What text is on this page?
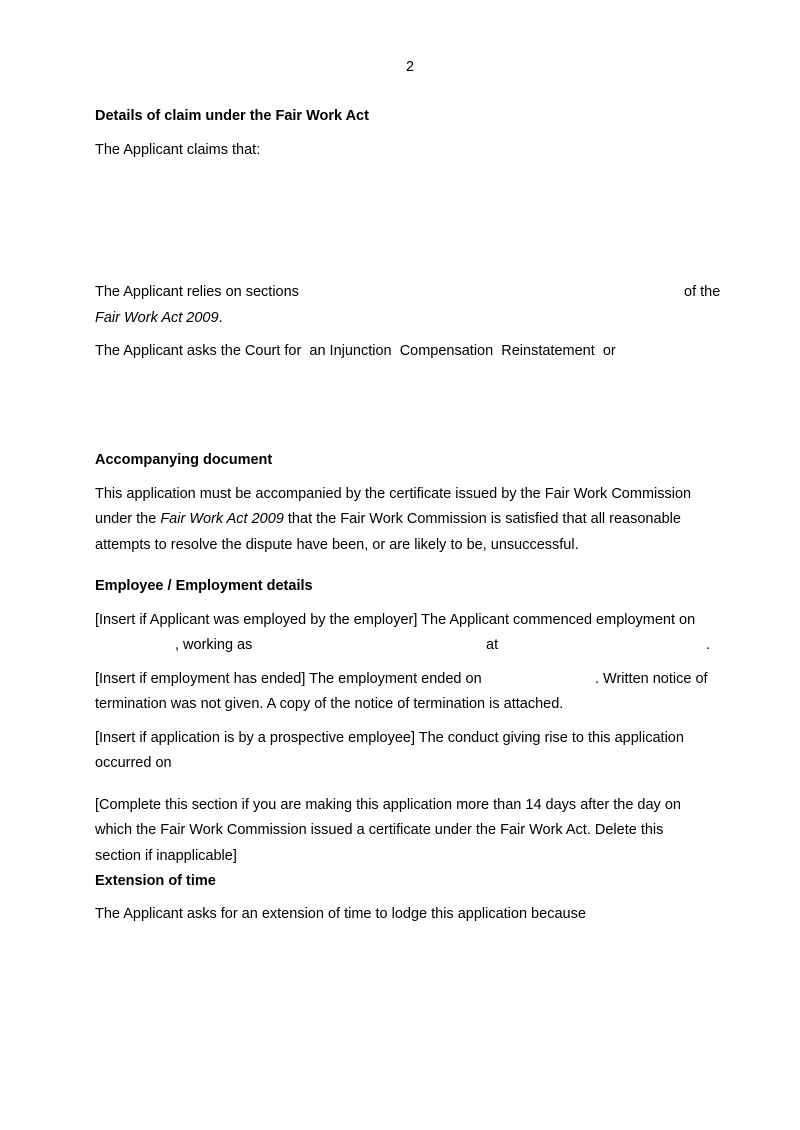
2
Details of claim under the Fair Work Act
The Applicant claims that:
The Applicant relies on sections	of the
Fair Work Act 2009.
The Applicant asks the Court for an Injunction Compensation Reinstatement or
Accompanying document
This application must be accompanied by the certificate issued by the Fair Work Commission
under the Fair Work Act 2009 that the Fair Work Commission is satisfied that all reasonable
attempts to resolve the dispute have been, or are likely to be, unsuccessful.
Employee / Employment details
[Insert if Applicant was employed by the employer] The Applicant commenced employment on
, working as	at	.
[Insert if employment has ended] The employment ended on	. Written notice of
termination was not given. A copy of the notice of termination is attached.
[Insert if application is by a prospective employee] The conduct giving rise to this application
occurred on
[Complete this section if you are making this application more than 14 days after the day on
which the Fair Work Commission issued a certificate under the Fair Work Act. Delete this
section if inapplicable]
Extension of time
The Applicant asks for an extension of time to lodge this application because
